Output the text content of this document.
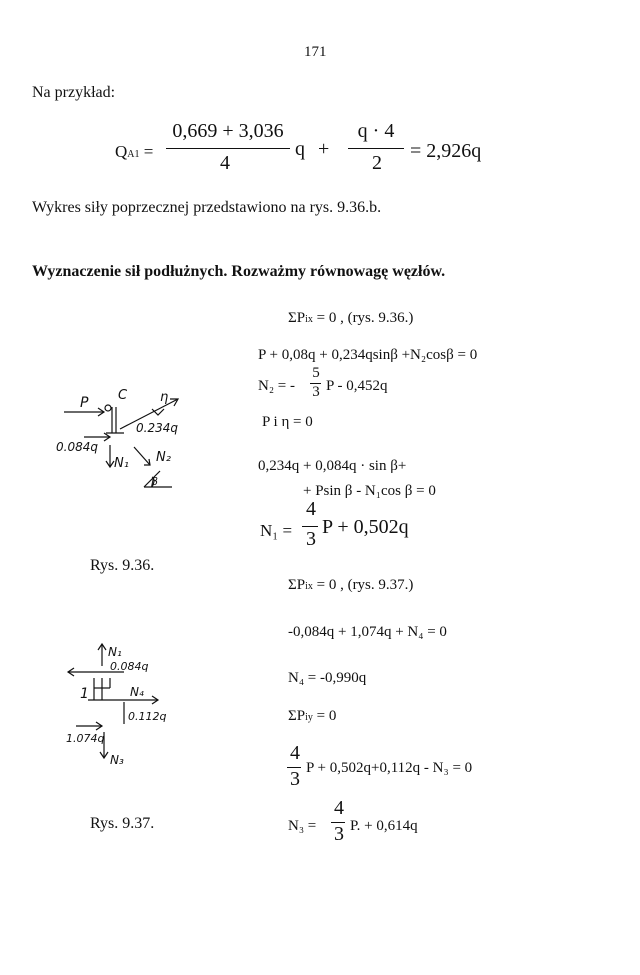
171
Na przykład:
QA1 =
0,669 + 3,036
4
q +
q · 4
2
= 2,926q
Wykres siły poprzecznej przedstawiono na rys. 9.36.b.
Wyznaczenie sił podłużnych. Rozważmy równowagę węzłów.
ΣPix = 0 , (rys. 9.36.)
P + 0,08q + 0,234qsinβ +N₂cosβ = 0
N₂ = -
5
3 P - 0,452q
P i η = 0
0,234q + 0,084q · sin β+
+ Psin β - N₁cos β = 0
N₁ =
4
3
P + 0,502q
P C	η
0.234q
0.084q
N₁ N₂
β
Rys. 9.36.
ΣPix = 0 , (rys. 9.37.)
-0,084q + 1,074q + N₄ = 0
N₄ = -0,990q
ΣPiy = 0
4
3 P + 0,502q+0,112q - N₃ = 0
N₃ =
4
3 P. + 0,614q
N₁
0.084q
1	N₄
0.112q
1.074q
N₃
Rys. 9.37.
